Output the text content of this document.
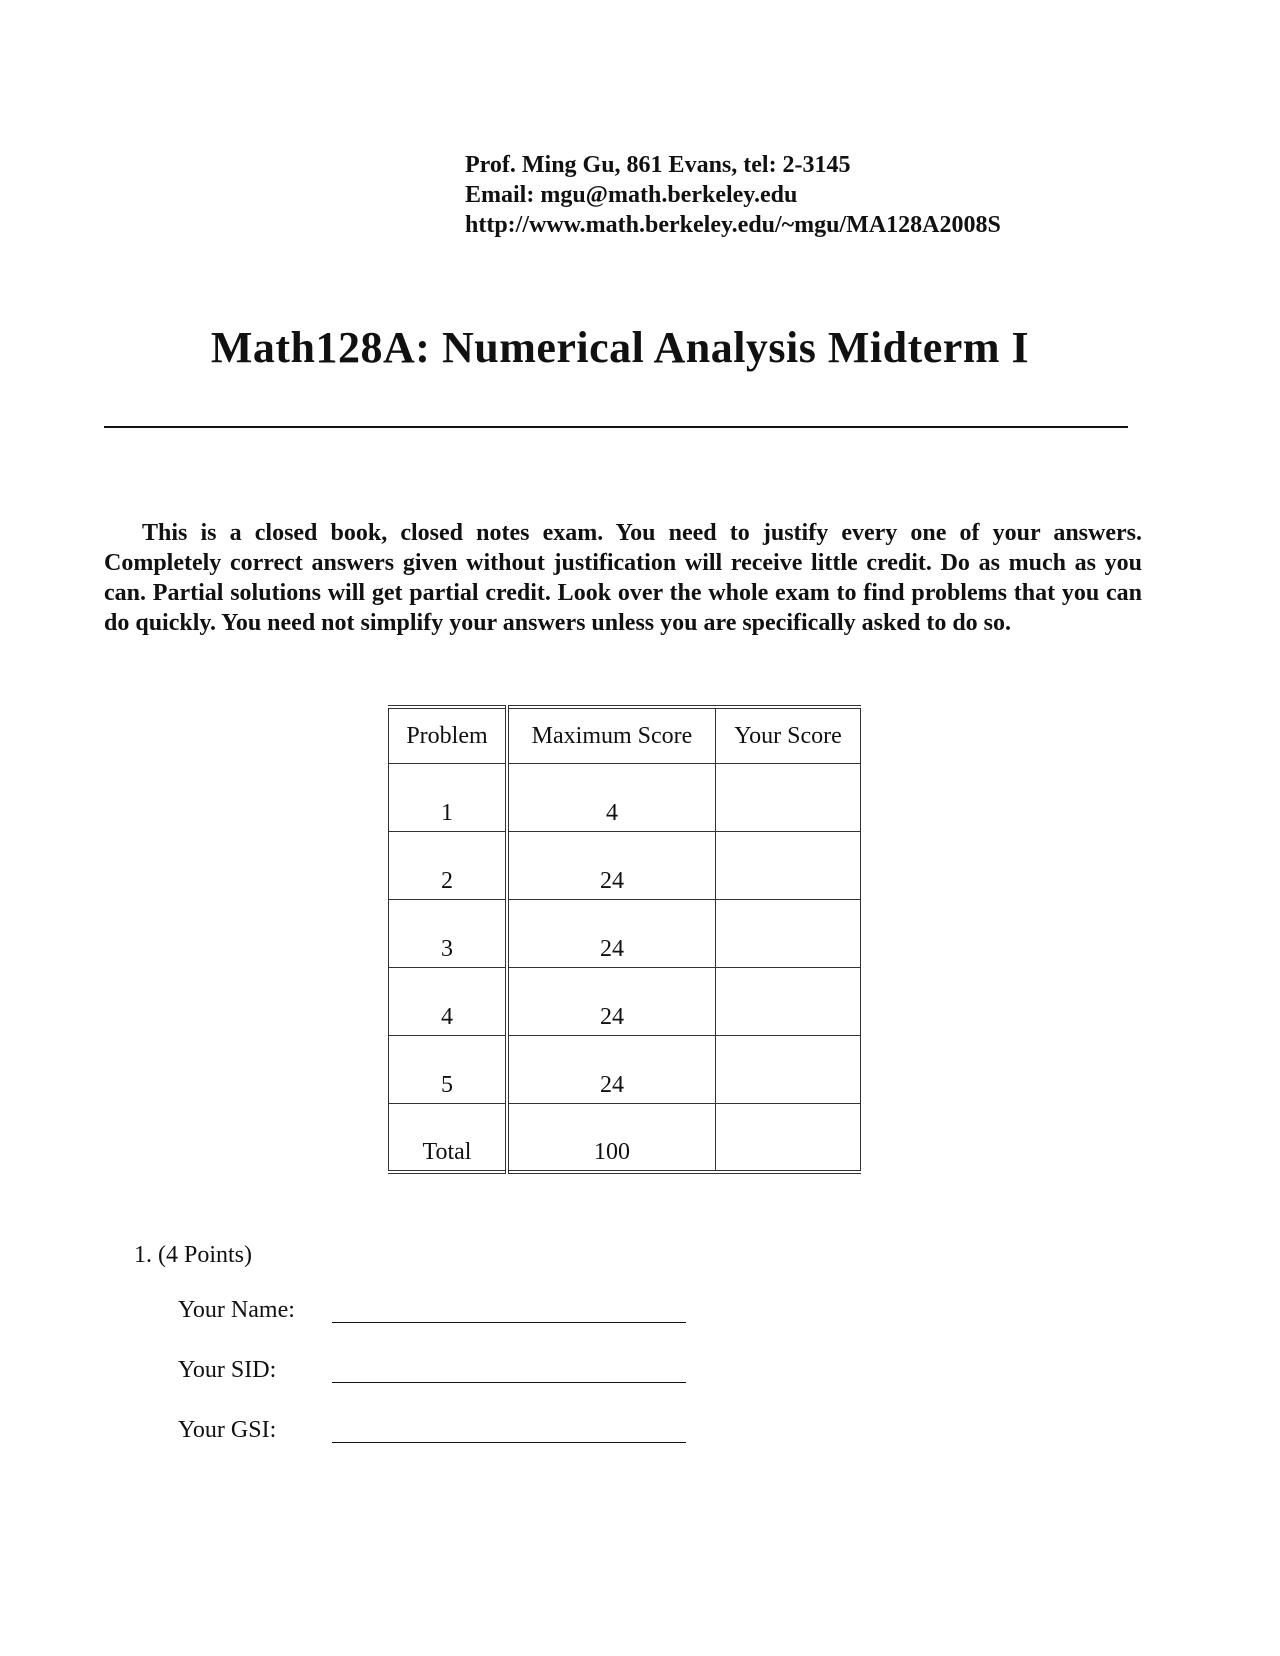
Prof. Ming Gu, 861 Evans, tel: 2-3145
Email: mgu@math.berkeley.edu
http://www.math.berkeley.edu/~mgu/MA128A2008S
Math128A: Numerical Analysis Midterm I
This is a closed book, closed notes exam. You need to justify every one of your answers. Completely correct answers given without justification will receive little credit. Do as much as you can. Partial solutions will get partial credit. Look over the whole exam to find problems that you can do quickly. You need not simplify your answers unless you are specifically asked to do so.
Problem	Maximum Score	Your Score
1	4	
2	24	
3	24	
4	24	
5	24	
Total	100	
1. (4 Points)
Your Name:
Your SID:
Your GSI:
